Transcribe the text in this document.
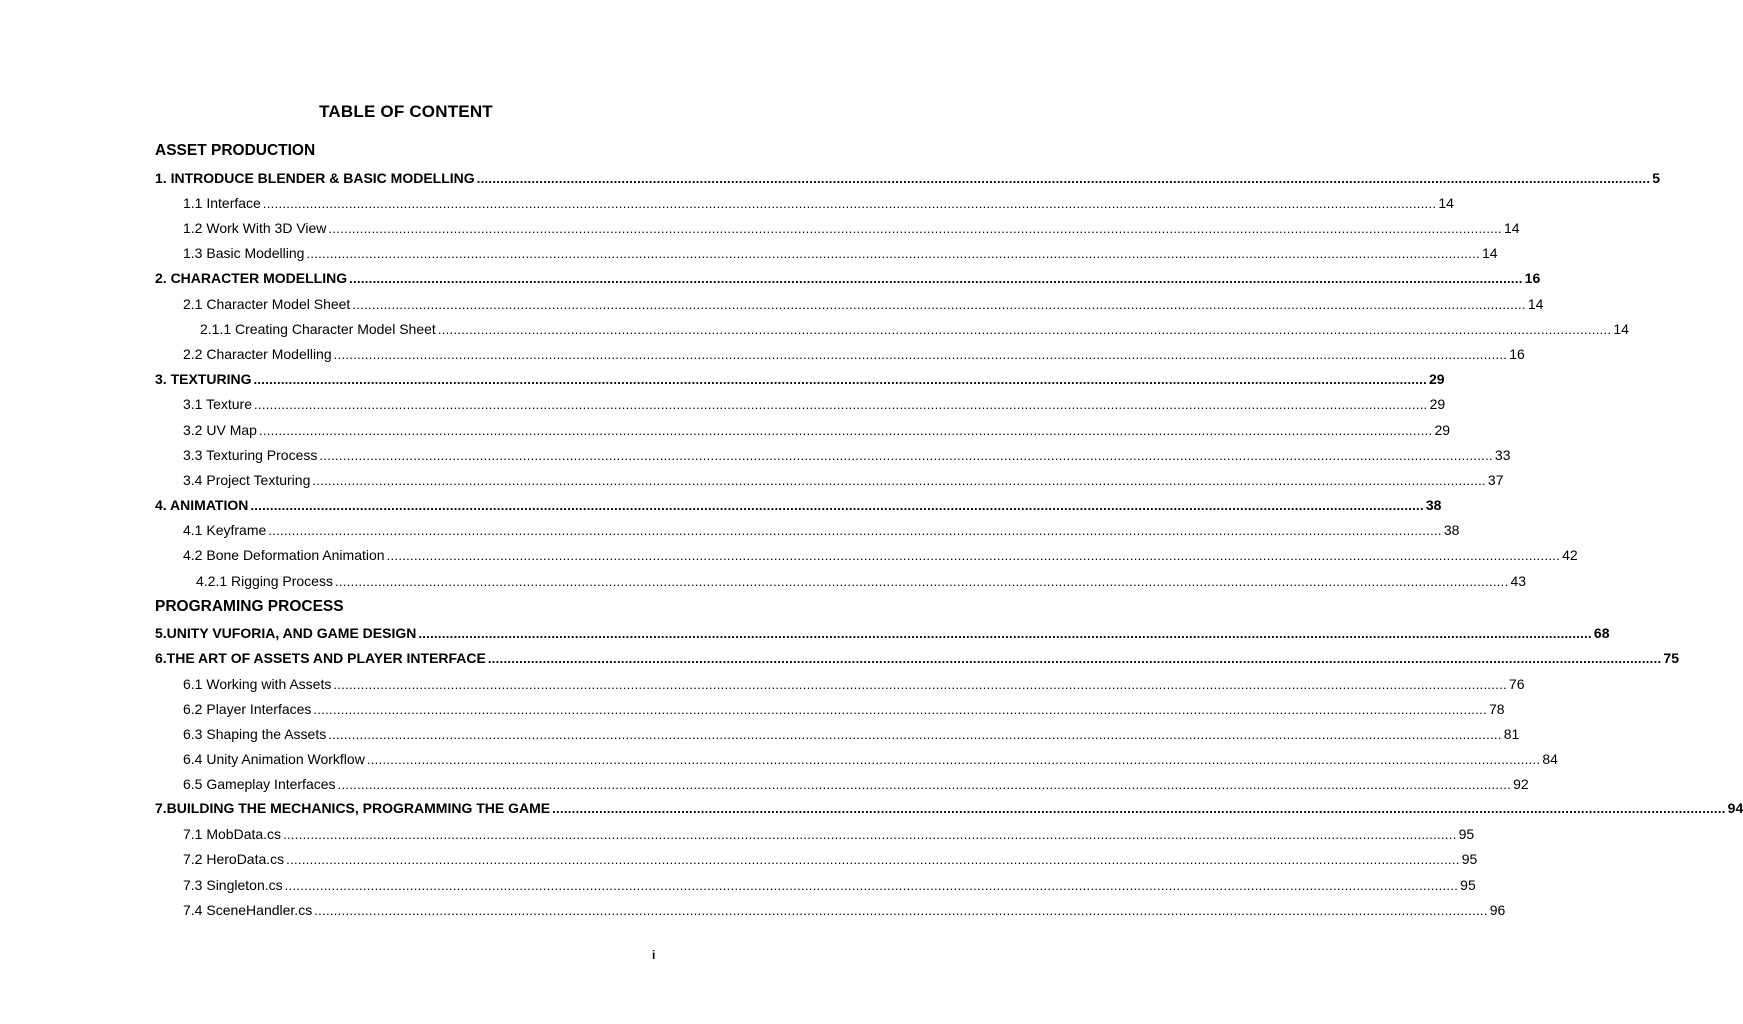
TABLE OF CONTENT
ASSET PRODUCTION
1. INTRODUCE BLENDER & BASIC MODELLING ............................................................................................................................................................................................................................................................................................................ 5
1.1 Interface ............................................................................................................................................................................................................................................................................................................ 14
1.2 Work With 3D View ............................................................................................................................................................................................................................................................................................................ 14
1.3 Basic Modelling ............................................................................................................................................................................................................................................................................................................ 14
2. CHARACTER MODELLING ............................................................................................................................................................................................................................................................................................................ 16
2.1 Character Model Sheet ............................................................................................................................................................................................................................................................................................................ 14
2.1.1 Creating Character Model Sheet ............................................................................................................................................................................................................................................................................................................ 14
2.2 Character Modelling ............................................................................................................................................................................................................................................................................................................ 16
3. TEXTURING ............................................................................................................................................................................................................................................................................................................ 29
3.1 Texture ............................................................................................................................................................................................................................................................................................................ 29
3.2 UV Map ............................................................................................................................................................................................................................................................................................................ 29
3.3 Texturing Process ............................................................................................................................................................................................................................................................................................................ 33
3.4 Project Texturing ............................................................................................................................................................................................................................................................................................................ 37
4. ANIMATION ............................................................................................................................................................................................................................................................................................................ 38
4.1 Keyframe ............................................................................................................................................................................................................................................................................................................ 38
4.2 Bone Deformation Animation ............................................................................................................................................................................................................................................................................................................ 42
4.2.1 Rigging Process ............................................................................................................................................................................................................................................................................................................ 43
PROGRAMING PROCESS
5.UNITY VUFORIA, AND GAME DESIGN ............................................................................................................................................................................................................................................................................................................ 68
6.THE ART OF ASSETS AND PLAYER INTERFACE ............................................................................................................................................................................................................................................................................................................ 75
6.1 Working with Assets ............................................................................................................................................................................................................................................................................................................ 76
6.2 Player Interfaces ............................................................................................................................................................................................................................................................................................................ 78
6.3 Shaping the Assets ............................................................................................................................................................................................................................................................................................................ 81
6.4 Unity Animation Workflow ............................................................................................................................................................................................................................................................................................................ 84
6.5 Gameplay Interfaces ............................................................................................................................................................................................................................................................................................................ 92
7.BUILDING THE MECHANICS, PROGRAMMING THE GAME ............................................................................................................................................................................................................................................................................................................ 94
7.1 MobData.cs ............................................................................................................................................................................................................................................................................................................ 95
7.2 HeroData.cs ............................................................................................................................................................................................................................................................................................................ 95
7.3 Singleton.cs ............................................................................................................................................................................................................................................................................................................ 95
7.4 SceneHandler.cs ............................................................................................................................................................................................................................................................................................................ 96
i
